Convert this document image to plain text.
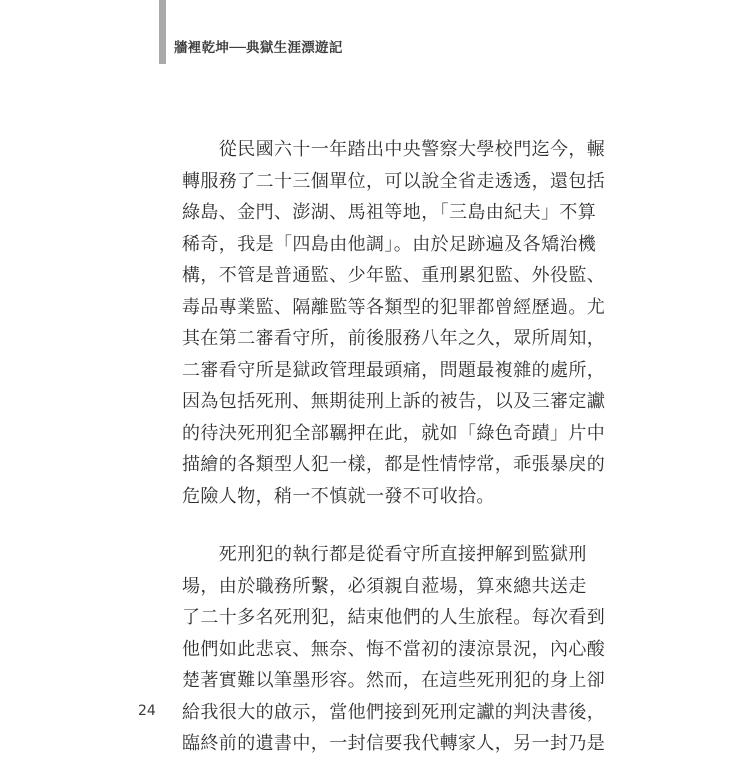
牆裡乾坤──典獄生涯漂遊記

　　從民國六十一年踏出中央警察大學校門迄今，輾
轉服務了二十三個單位，可以說全省走透透，還包括
綠島、金門、澎湖、馬祖等地，「三島由紀夫」不算
稀奇，我是「四島由他調」。由於足跡遍及各矯治機
構，不管是普通監、少年監、重刑累犯監、外役監、
毒品專業監、隔離監等各類型的犯罪都曾經歷過。尤
其在第二審看守所，前後服務八年之久，眾所周知，
二審看守所是獄政管理最頭痛，問題最複雜的處所，
因為包括死刑、無期徒刑上訴的被告，以及三審定讞
的待決死刑犯全部羈押在此，就如「綠色奇蹟」片中
描繪的各類型人犯一樣，都是性情悖常，乖張暴戾的
危險人物，稍一不慎就一發不可收拾。

　　死刑犯的執行都是從看守所直接押解到監獄刑
場，由於職務所繫，必須親自蒞場，算來總共送走
了二十多名死刑犯，結束他們的人生旅程。每次看到
他們如此悲哀、無奈、悔不當初的淒涼景況，內心酸
楚著實難以筆墨形容。然而，在這些死刑犯的身上卻
給我很大的啟示，當他們接到死刑定讞的判決書後，
臨終前的遺書中，一封信要我代轉家人，另一封乃是

24
